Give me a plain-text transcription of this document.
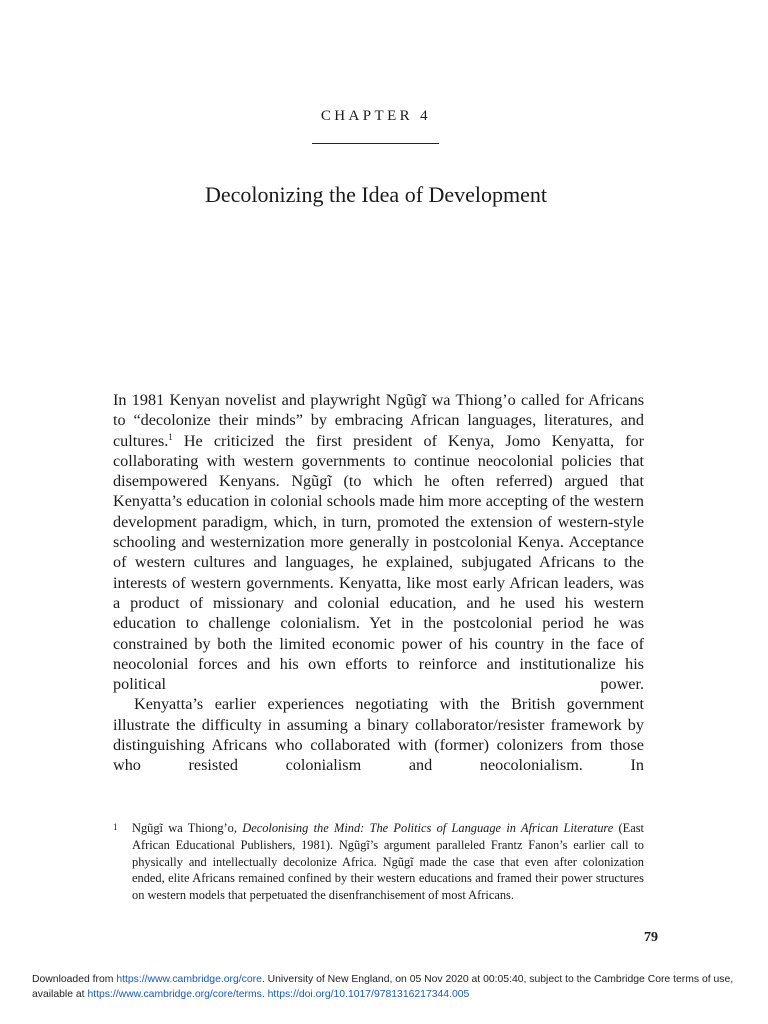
CHAPTER 4
Decolonizing the Idea of Development

In 1981 Kenyan novelist and playwright Ngũgĩ wa Thiong’o called for Africans to “decolonize their minds” by embracing African languages, literatures, and cultures.$^1$ He criticized the first president of Kenya, Jomo Kenyatta, for collaborating with western governments to continue neocolonial policies that disempowered Kenyans. Ngũgĩ (to which he often referred) argued that Kenyatta’s education in colonial schools made him more accepting of the western development paradigm, which, in turn, promoted the extension of western-style schooling and westernization more generally in postcolonial Kenya. Acceptance of western cultures and languages, he explained, subjugated Africans to the interests of western governments. Kenyatta, like most early African leaders, was a product of missionary and colonial education, and he used his western education to challenge colonialism. Yet in the postcolonial period he was constrained by both the limited economic power of his country in the face of neocolonial forces and his own efforts to reinforce and institutionalize his political power.

Kenyatta’s earlier experiences negotiating with the British government illustrate the difficulty in assuming a binary collaborator/resister framework by distinguishing Africans who collaborated with (former) colonizers from those who resisted colonialism and neocolonialism. In

1 Ngũgĩ wa Thiong’o, Decolonising the Mind: The Politics of Language in African Literature (East African Educational Publishers, 1981). Ngũgĩ’s argument paralleled Frantz Fanon’s earlier call to physically and intellectually decolonize Africa. Ngũgĩ made the case that even after colonization ended, elite Africans remained confined by their western educations and framed their power structures on western models that perpetuated the disenfranchisement of most Africans.
79
Downloaded from https://www.cambridge.org/core. University of New England, on 05 Nov 2020 at 00:05:40, subject to the Cambridge Core terms of use, available at https://www.cambridge.org/core/terms. https://doi.org/10.1017/9781316217344.005
